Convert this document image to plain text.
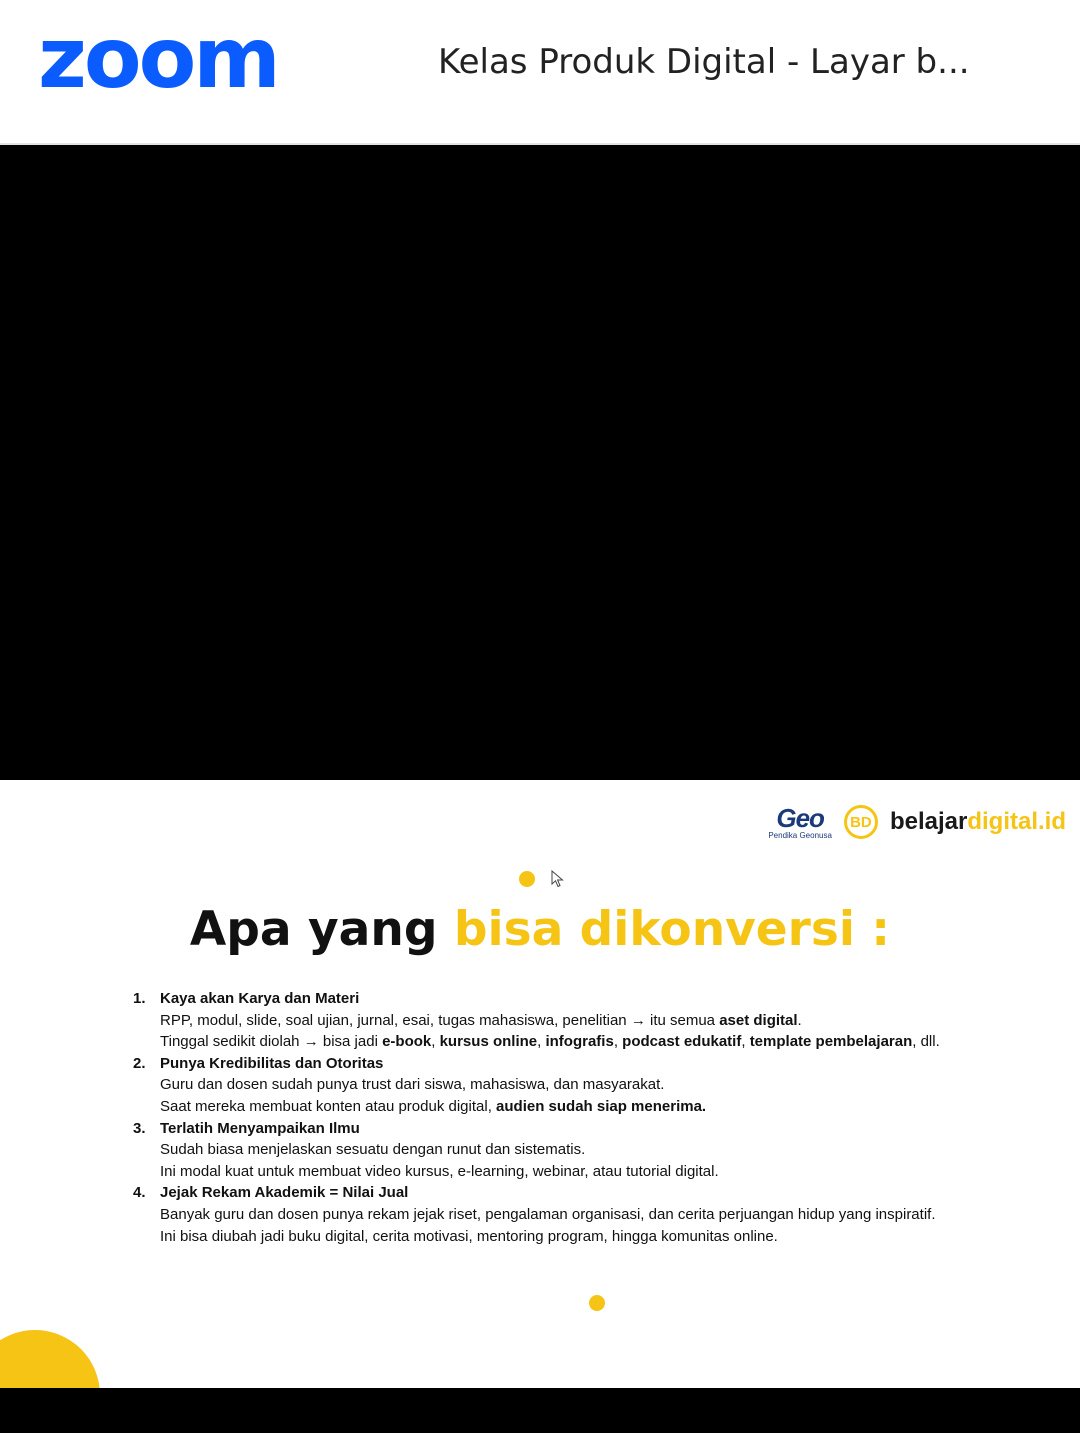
zoom	Kelas Produk Digital - Layar b...
Geo
Pendika Geonusa
BD belajardigital.id
Apa yang bisa dikonversi :
1. Kaya akan Karya dan Materi
RPP, modul, slide, soal ujian, jurnal, esai, tugas mahasiswa, penelitian → itu semua aset digital.
Tinggal sedikit diolah → bisa jadi e-book, kursus online, infografis, podcast edukatif, template pembelajaran, dll.
2. Punya Kredibilitas dan Otoritas
Guru dan dosen sudah punya trust dari siswa, mahasiswa, dan masyarakat.
Saat mereka membuat konten atau produk digital, audien sudah siap menerima.
3. Terlatih Menyampaikan Ilmu
Sudah biasa menjelaskan sesuatu dengan runut dan sistematis.
Ini modal kuat untuk membuat video kursus, e-learning, webinar, atau tutorial digital.
4. Jejak Rekam Akademik = Nilai Jual
Banyak guru dan dosen punya rekam jejak riset, pengalaman organisasi, dan cerita perjuangan hidup yang inspiratif.
Ini bisa diubah jadi buku digital, cerita motivasi, mentoring program, hingga komunitas online.
